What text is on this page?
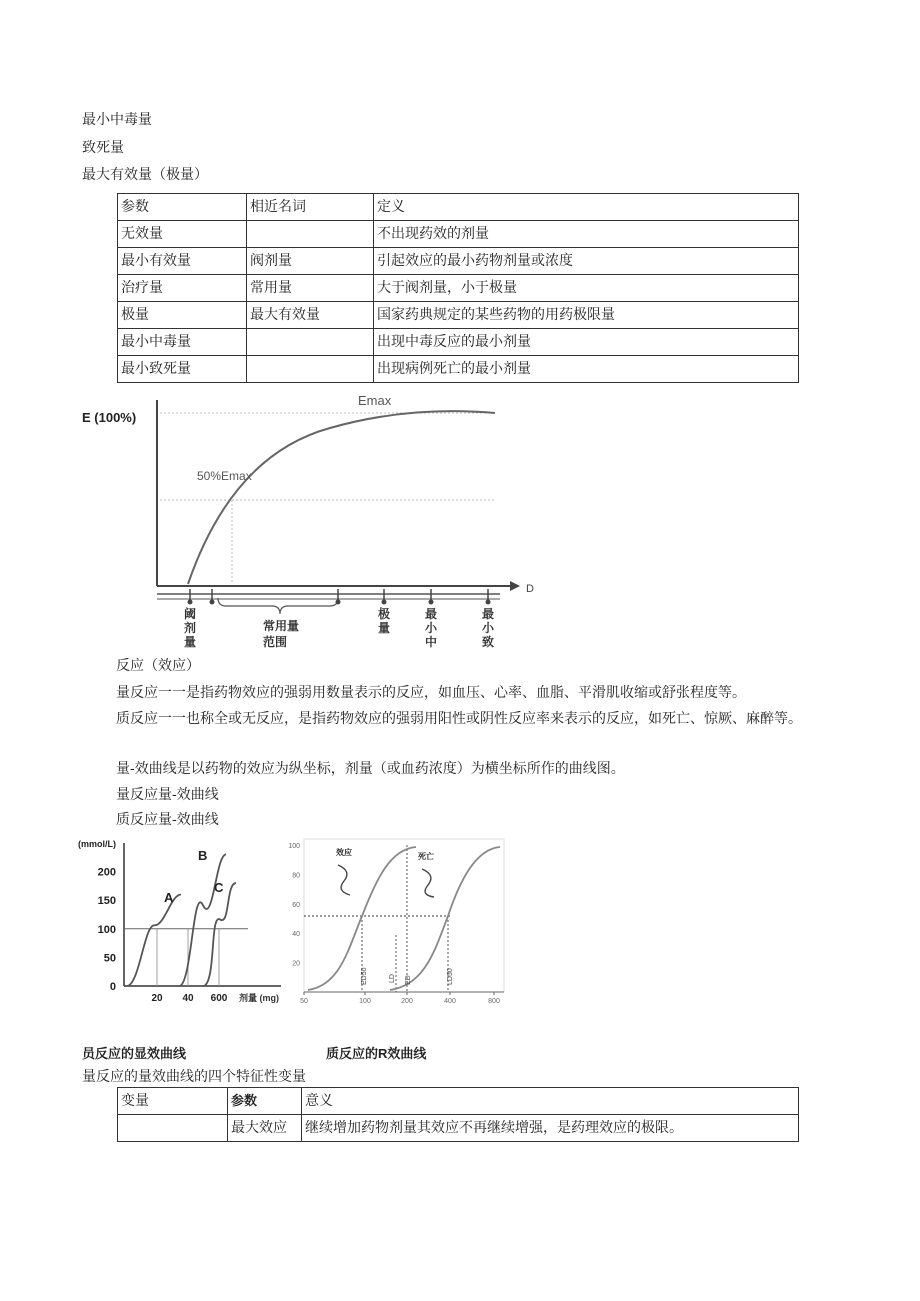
最小中毒量
致死量
最大有效量（极量）
参数	相近名词	定义
无效量		不出现药效的剂量
最小有效量	阀剂量	引起效应的最小药物剂量或浓度
治疗量	常用量	大于阀剂量，小于极量
极量	最大有效量	国家药典规定的某些药物的用药极限量
最小中毒量		出现中毒反应的最小剂量
最小致死量		出现病例死亡的最小剂量
E (100%)
Emax
50%Emax
D
常用量
范围
阈
剂
量
极
量
最
小
中
最
小
致
反应（效应）
量反应一一是指药物效应的强弱用数量表示的反应，如血压、心率、血脂、平滑肌收缩或舒张程度等。
质反应一一也称全或无反应，是指药物效应的强弱用阳性或阴性反应率来表示的反应，如死亡、惊厥、麻醉等。
量-效曲线是以药物的效应为纵坐标，剂量（或血药浓度）为横坐标所作的曲线图。
量反应量-效曲线
质反应量-效曲线
(mmol/L)
剂量 (mg)
0
50
100
150
200
20 40 600
A
B
C
效应	死亡
ED50	LD ED	LD50
100
80
60
40
20
50	100	200	400	800
员反应的显效曲线	质反应的R效曲线
量反应的量效曲线的四个特征性变量
变量	参数	意义
	最大效应	继续增加药物剂量其效应不再继续增强，是药理效应的极限。
